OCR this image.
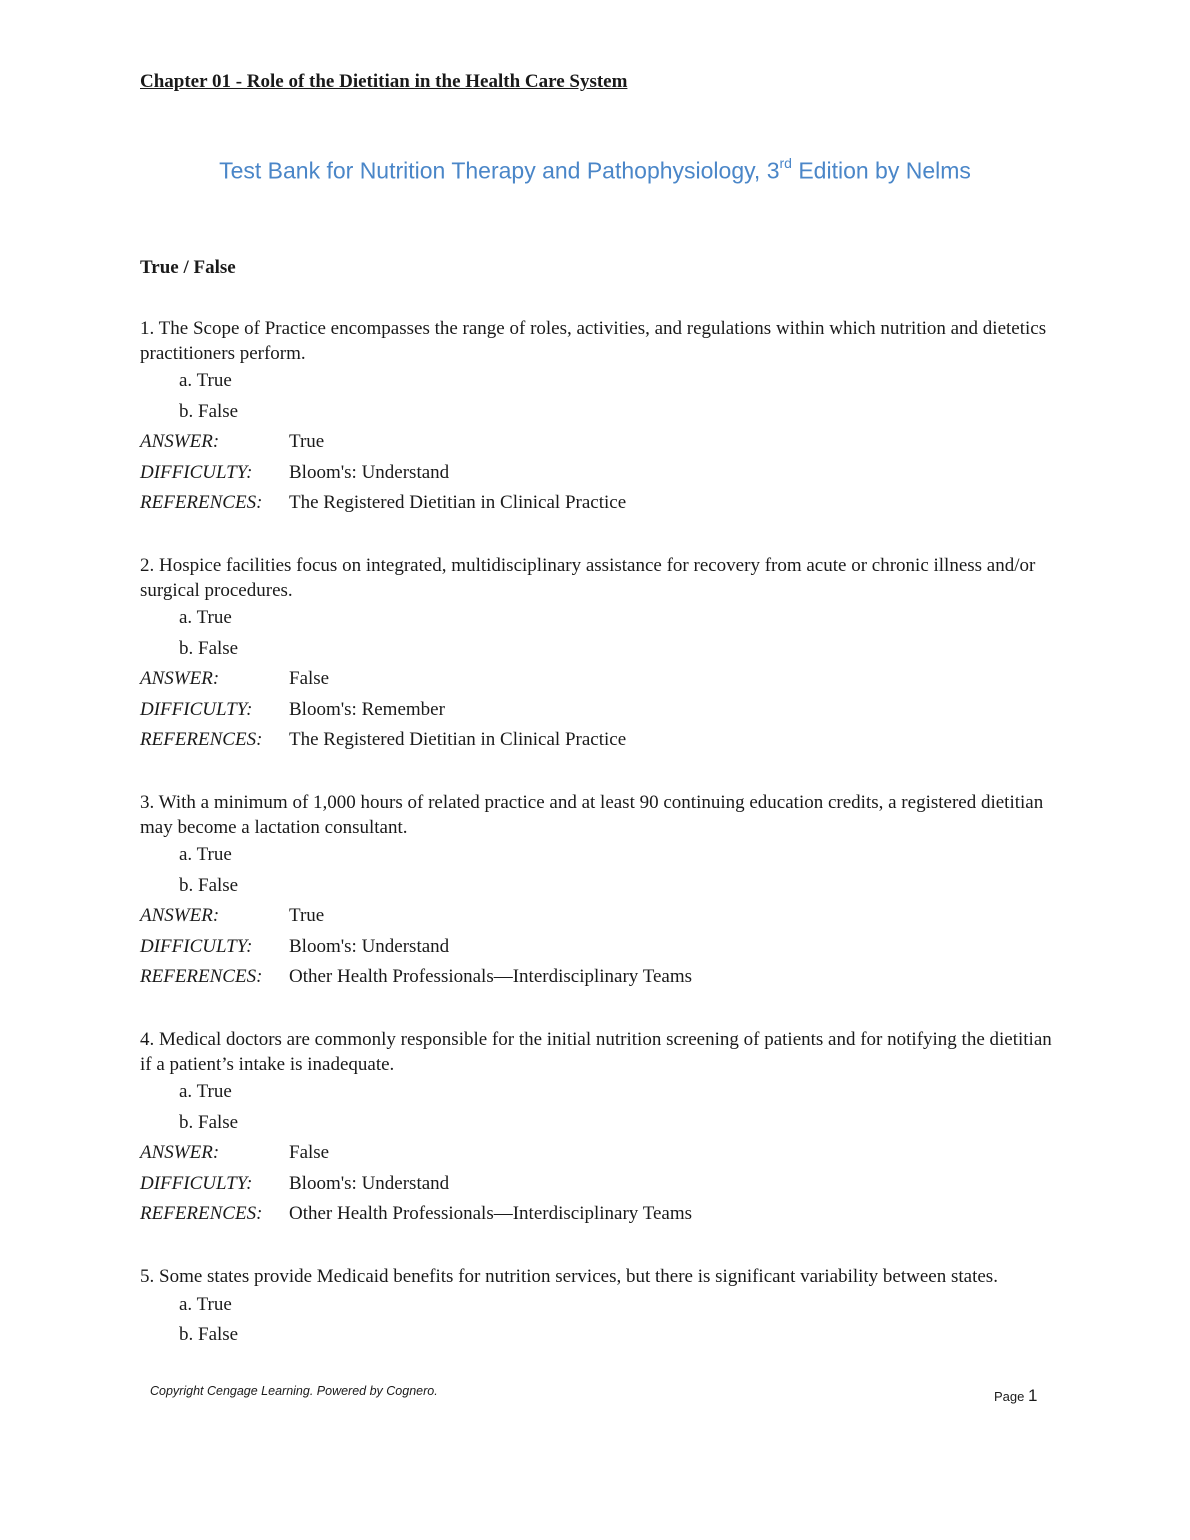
Chapter 01 - Role of the Dietitian in the Health Care System
Test Bank for Nutrition Therapy and Pathophysiology, 3rd Edition by Nelms
True / False

1. The Scope of Practice encompasses the range of roles, activities, and regulations within which nutrition and dietetics practitioners perform.

a. True

b. False

ANSWER:	True
DIFFICULTY:	Bloom's: Understand
REFERENCES:	The Registered Dietitian in Clinical Practice

2. Hospice facilities focus on integrated, multidisciplinary assistance for recovery from acute or chronic illness and/or surgical procedures.

a. True

b. False

ANSWER:	False
DIFFICULTY:	Bloom's: Remember
REFERENCES:	The Registered Dietitian in Clinical Practice

3. With a minimum of 1,000 hours of related practice and at least 90 continuing education credits, a registered dietitian may become a lactation consultant.

a. True

b. False

ANSWER:	True
DIFFICULTY:	Bloom's: Understand
REFERENCES:	Other Health Professionals—Interdisciplinary Teams

4. Medical doctors are commonly responsible for the initial nutrition screening of patients and for notifying the dietitian if a patient’s intake is inadequate.

a. True

b. False

ANSWER:	False
DIFFICULTY:	Bloom's: Understand
REFERENCES:	Other Health Professionals—Interdisciplinary Teams

5. Some states provide Medicaid benefits for nutrition services, but there is significant variability between states.

a. True

b. False

Copyright Cengage Learning. Powered by Cognero.	Page 1
